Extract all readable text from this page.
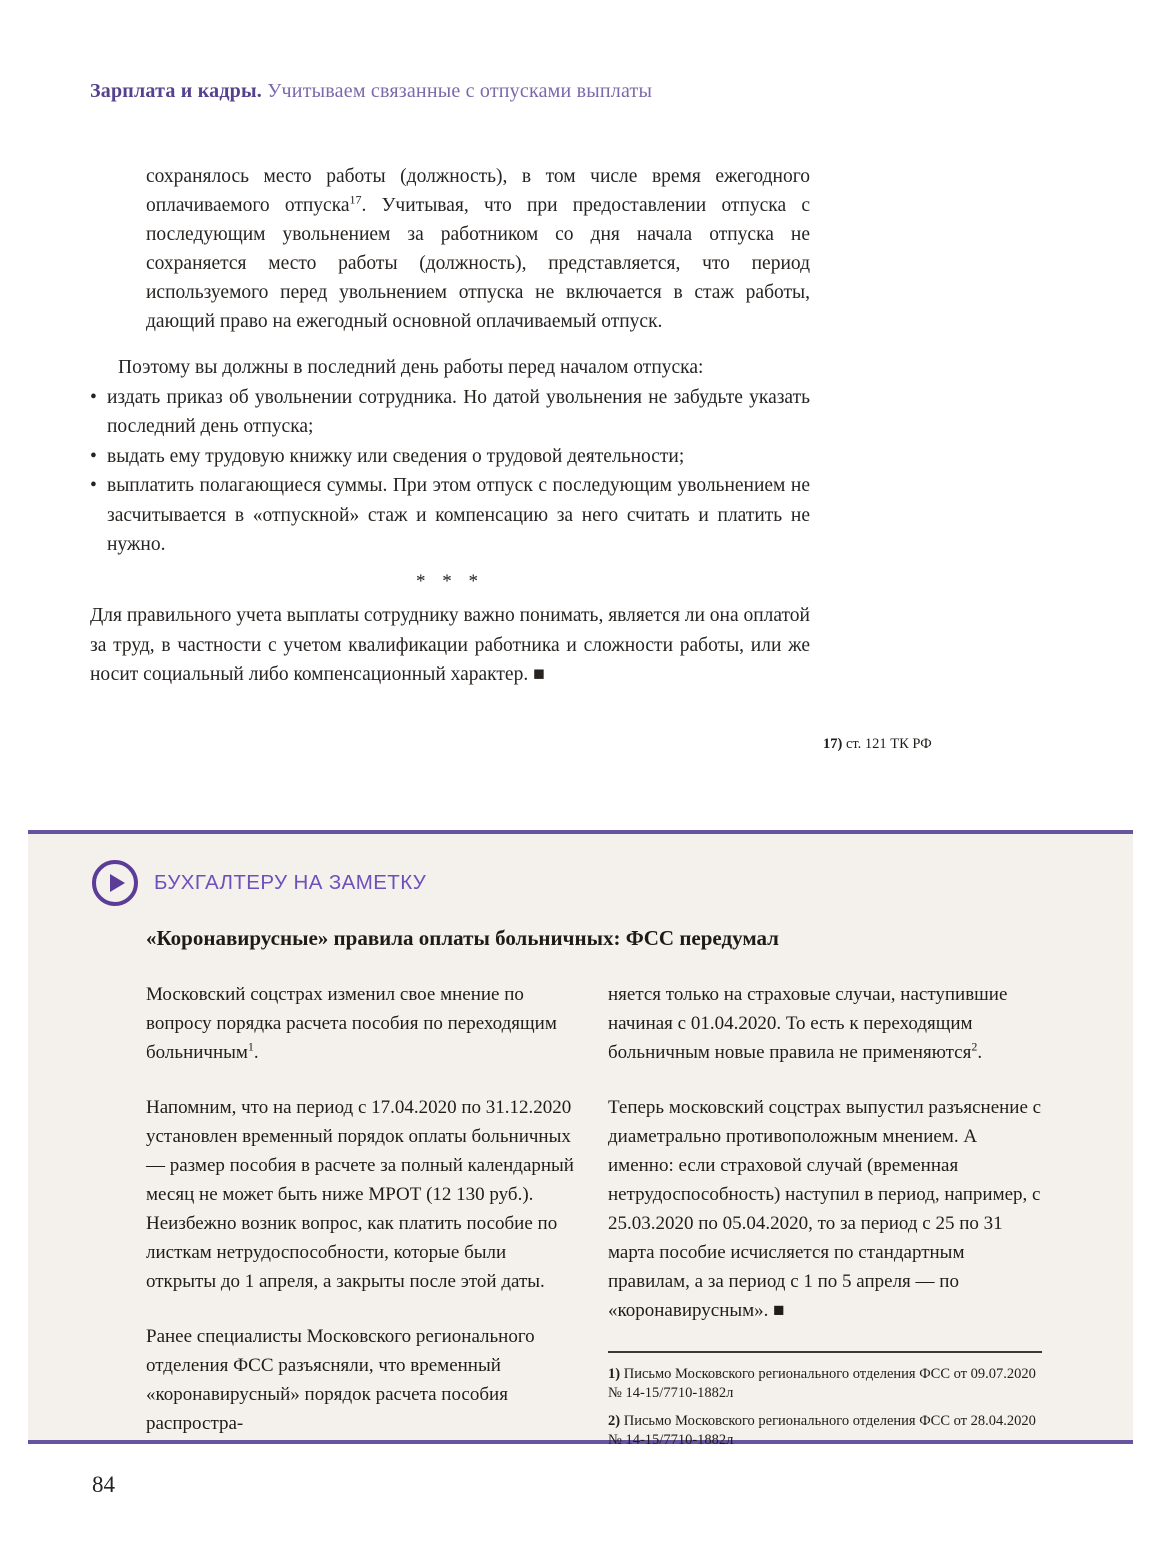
Зарплата и кадры. Учитываем связанные с отпусками выплаты
сохранялось место работы (должность), в том числе время ежегодного оплачиваемого отпуска$^{17}$. Учитывая, что при предоставлении отпуска с последующим увольнением за работником со дня начала отпуска не сохраняется место работы (должность), представляется, что период используемого перед увольнением отпуска не включается в стаж работы, дающий право на ежегодный основной оплачиваемый отпуск.

Поэтому вы должны в последний день работы перед началом отпуска:

• издать приказ об увольнении сотрудника. Но датой увольнения не забудьте указать последний день отпуска;
• выдать ему трудовую книжку или сведения о трудовой деятельности;
• выплатить полагающиеся суммы. При этом отпуск с последующим увольнением не засчитывается в «отпускной» стаж и компенсацию за него считать и платить не нужно.
* * *

Для правильного учета выплаты сотруднику важно понимать, является ли она оплатой за труд, в частности с учетом квалификации работника и сложности работы, или же носит социальный либо компенсационный характер. ■

17) ст. 121 ТК РФ
БУХГАЛТЕРУ НА ЗАМЕТКУ
«Коронавирусные» правила оплаты больничных: ФСС передумал

Московский соцстрах изменил свое мнение по вопросу порядка расчета пособия по переходящим больничным$^1$.

Напомним, что на период с 17.04.2020 по 31.12.2020 установлен временный порядок оплаты больничных — размер пособия в расчете за полный календарный месяц не может быть ниже МРОТ (12 130 руб.). Неизбежно возник вопрос, как платить пособие по листкам нетрудоспособности, которые были открыты до 1 апреля, а закрыты после этой даты.

Ранее специалисты Московского регионального отделения ФСС разъясняли, что временный «коронавирусный» порядок расчета пособия распростра-

няется только на страховые случаи, наступившие начиная с 01.04.2020. То есть к переходящим больничным новые правила не применяются$^2$.

Теперь московский соцстрах выпустил разъяснение с диаметрально противоположным мнением. А именно: если страховой случай (временная нетрудоспособность) наступил в период, например, с 25.03.2020 по 05.04.2020, то за период с 25 по 31 марта пособие исчисляется по стандартным правилам, а за период с 1 по 5 апреля — по «коронавирусным». ■

1) Письмо Московского регионального отделения ФСС от 09.07.2020 № 14-15/7710-1882л
2) Письмо Московского регионального отделения ФСС от 28.04.2020 № 14-15/7710-1882л
84
